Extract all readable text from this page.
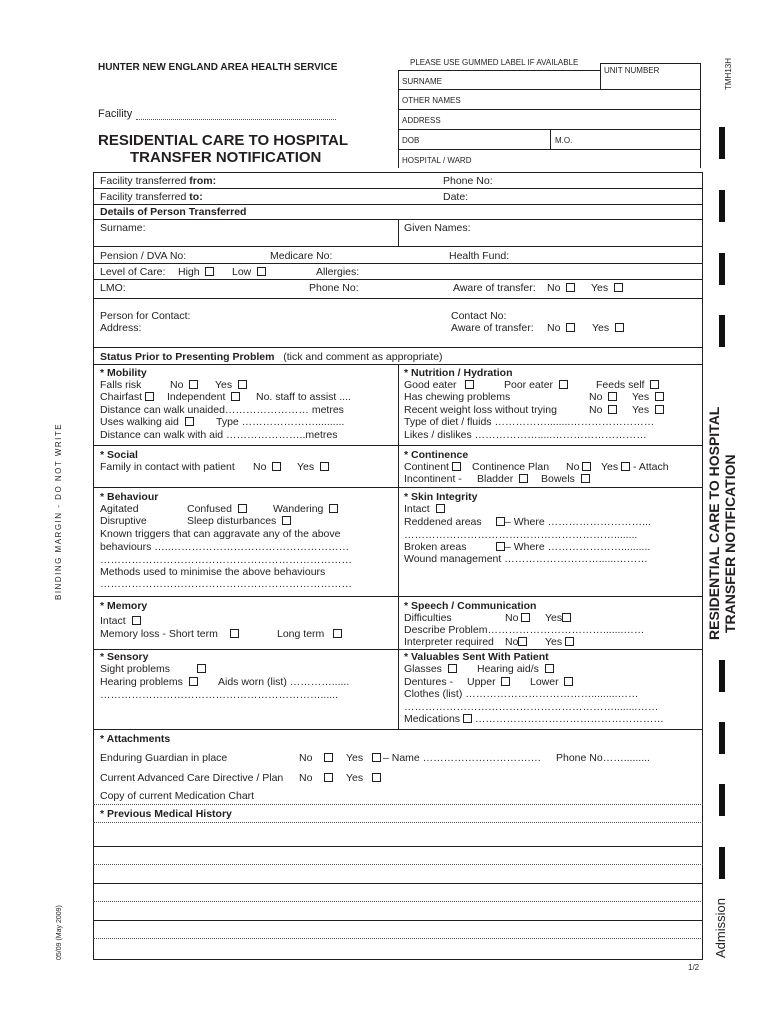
HUNTER NEW ENGLAND AREA HEALTH SERVICE
Facility
RESIDENTIAL CARE TO HOSPITAL
TRANSFER NOTIFICATION
PLEASE USE GUMMED LABEL IF AVAILABLE
UNIT NUMBER
SURNAME
OTHER NAMES
ADDRESS
DOB	M.O.
HOSPITAL / WARD
TMH13H
Facility transferred from:	Phone No:
Facility transferred to:	Date:
Details of Person Transferred
Surname:	Given Names:
Pension / DVA No:	Medicare No:	Health Fund:
Level of Care: High	Low	Allergies:
LMO:	Phone No:	Aware of transfer: No	Yes
Person for Contact:
Address:
Contact No:
Aware of transfer: No	Yes
Status Prior to Presenting Problem (tick and comment as appropriate)
* Mobility
Falls risk	No	Yes
Chairfast	Independent	No. staff to assist ....
Distance can walk unaided…………………… metres
Uses walking aid	Type …………………..........
Distance can walk with aid …………………..metres
* Nutrition / Hydration
Good eater	Poor eater	Feeds self
Has chewing problems	No	Yes
Recent weight loss without trying	No	Yes
Type of diet / fluids ……………........……………………
Likes / dislikes ……………….....………………………
* Social
Family in contact with patient No	Yes
* Continence
Continent	Continence Plan No	Yes - Attach
Incontinent - Bladder	Bowels
* Behaviour
Agitated	Confused	Wandering
Disruptive	Sleep disturbances
Known triggers that can aggravate any of the above
behaviours …..……………………………………………
………………………………………………………………
Methods used to minimise the above behaviours
………………………………………………………………
* Skin Integrity
Intact
Reddened areas	– Where ………………………...
……………………………………………………........
Broken areas	– Where …………………..........
Wound management ………………………......………
* Memory
Intact
Memory loss - Short term	Long term
* Speech / Communication
Difficulties	No	Yes
Describe Problem…………………………….......……
Interpreter required No	Yes
* Sensory
Sight problems
Hearing problems	Aids worn (list) …………......
………………………………………………………......
* Valuables Sent With Patient
Glasses	Hearing aid/s
Dentures - Upper	Lower
Clothes (list) ……………………………….........……
……………………………………………………........……
Medications ………………………………………………
* Attachments
Enduring Guardian in place	No	Yes	– Name ………………………….… Phone No…….........
Current Advanced Care Directive / Plan No	Yes
Copy of current Medication Chart
* Previous Medical History
1/2
BINDING MARGIN - DO NOT WRITE
05/09 (May 2009)
RESIDENTIAL CARE TO HOSPITAL TRANSFER NOTIFICATION
Admission
